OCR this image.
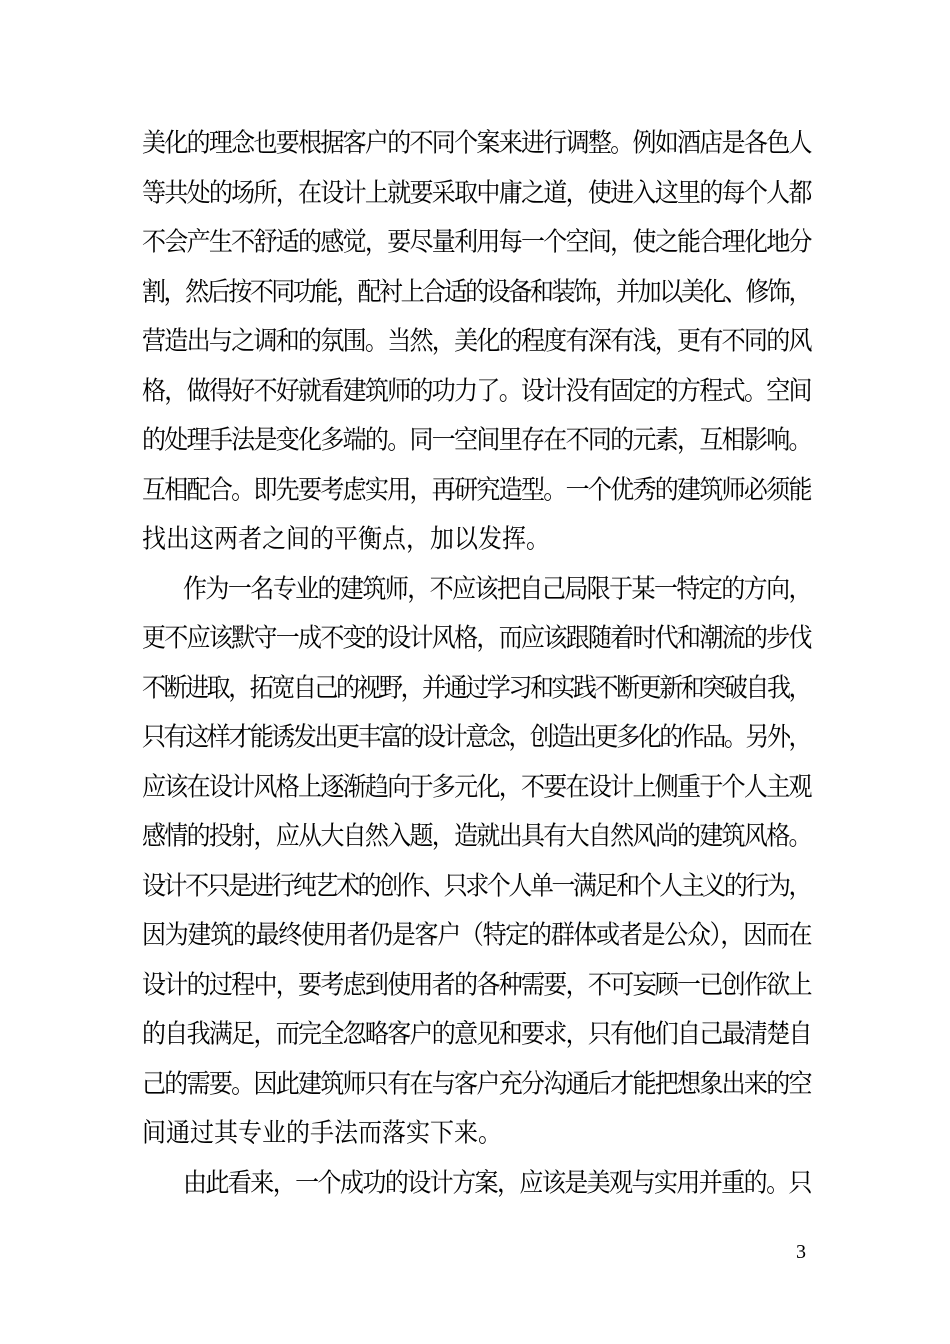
美化的理念也要根据客户的不同个案来进行调整。例如酒店是各色人
等共处的场所，在设计上就要采取中庸之道，使进入这里的每个人都
不会产生不舒适的感觉，要尽量利用每一个空间，使之能合理化地分
割，然后按不同功能，配衬上合适的设备和装饰，并加以美化、修饰，
营造出与之调和的氛围。当然，美化的程度有深有浅，更有不同的风
格，做得好不好就看建筑师的功力了。设计没有固定的方程式。空间
的处理手法是变化多端的。同一空间里存在不同的元素，互相影响。
互相配合。即先要考虑实用，再研究造型。一个优秀的建筑师必须能
找出这两者之间的平衡点，加以发挥。
作为一名专业的建筑师，不应该把自己局限于某一特定的方向，
更不应该默守一成不变的设计风格，而应该跟随着时代和潮流的步伐
不断进取，拓宽自己的视野，并通过学习和实践不断更新和突破自我，
只有这样才能诱发出更丰富的设计意念，创造出更多化的作品。另外，
应该在设计风格上逐渐趋向于多元化，不要在设计上侧重于个人主观
感情的投射，应从大自然入题，造就出具有大自然风尚的建筑风格。
设计不只是进行纯艺术的创作、只求个人单一满足和个人主义的行为，
因为建筑的最终使用者仍是客户（特定的群体或者是公众），因而在
设计的过程中，要考虑到使用者的各种需要，不可妄顾一已创作欲上
的自我满足，而完全忽略客户的意见和要求，只有他们自己最清楚自
己的需要。因此建筑师只有在与客户充分沟通后才能把想象出来的空
间通过其专业的手法而落实下来。
由此看来，一个成功的设计方案，应该是美观与实用并重的。只
3
